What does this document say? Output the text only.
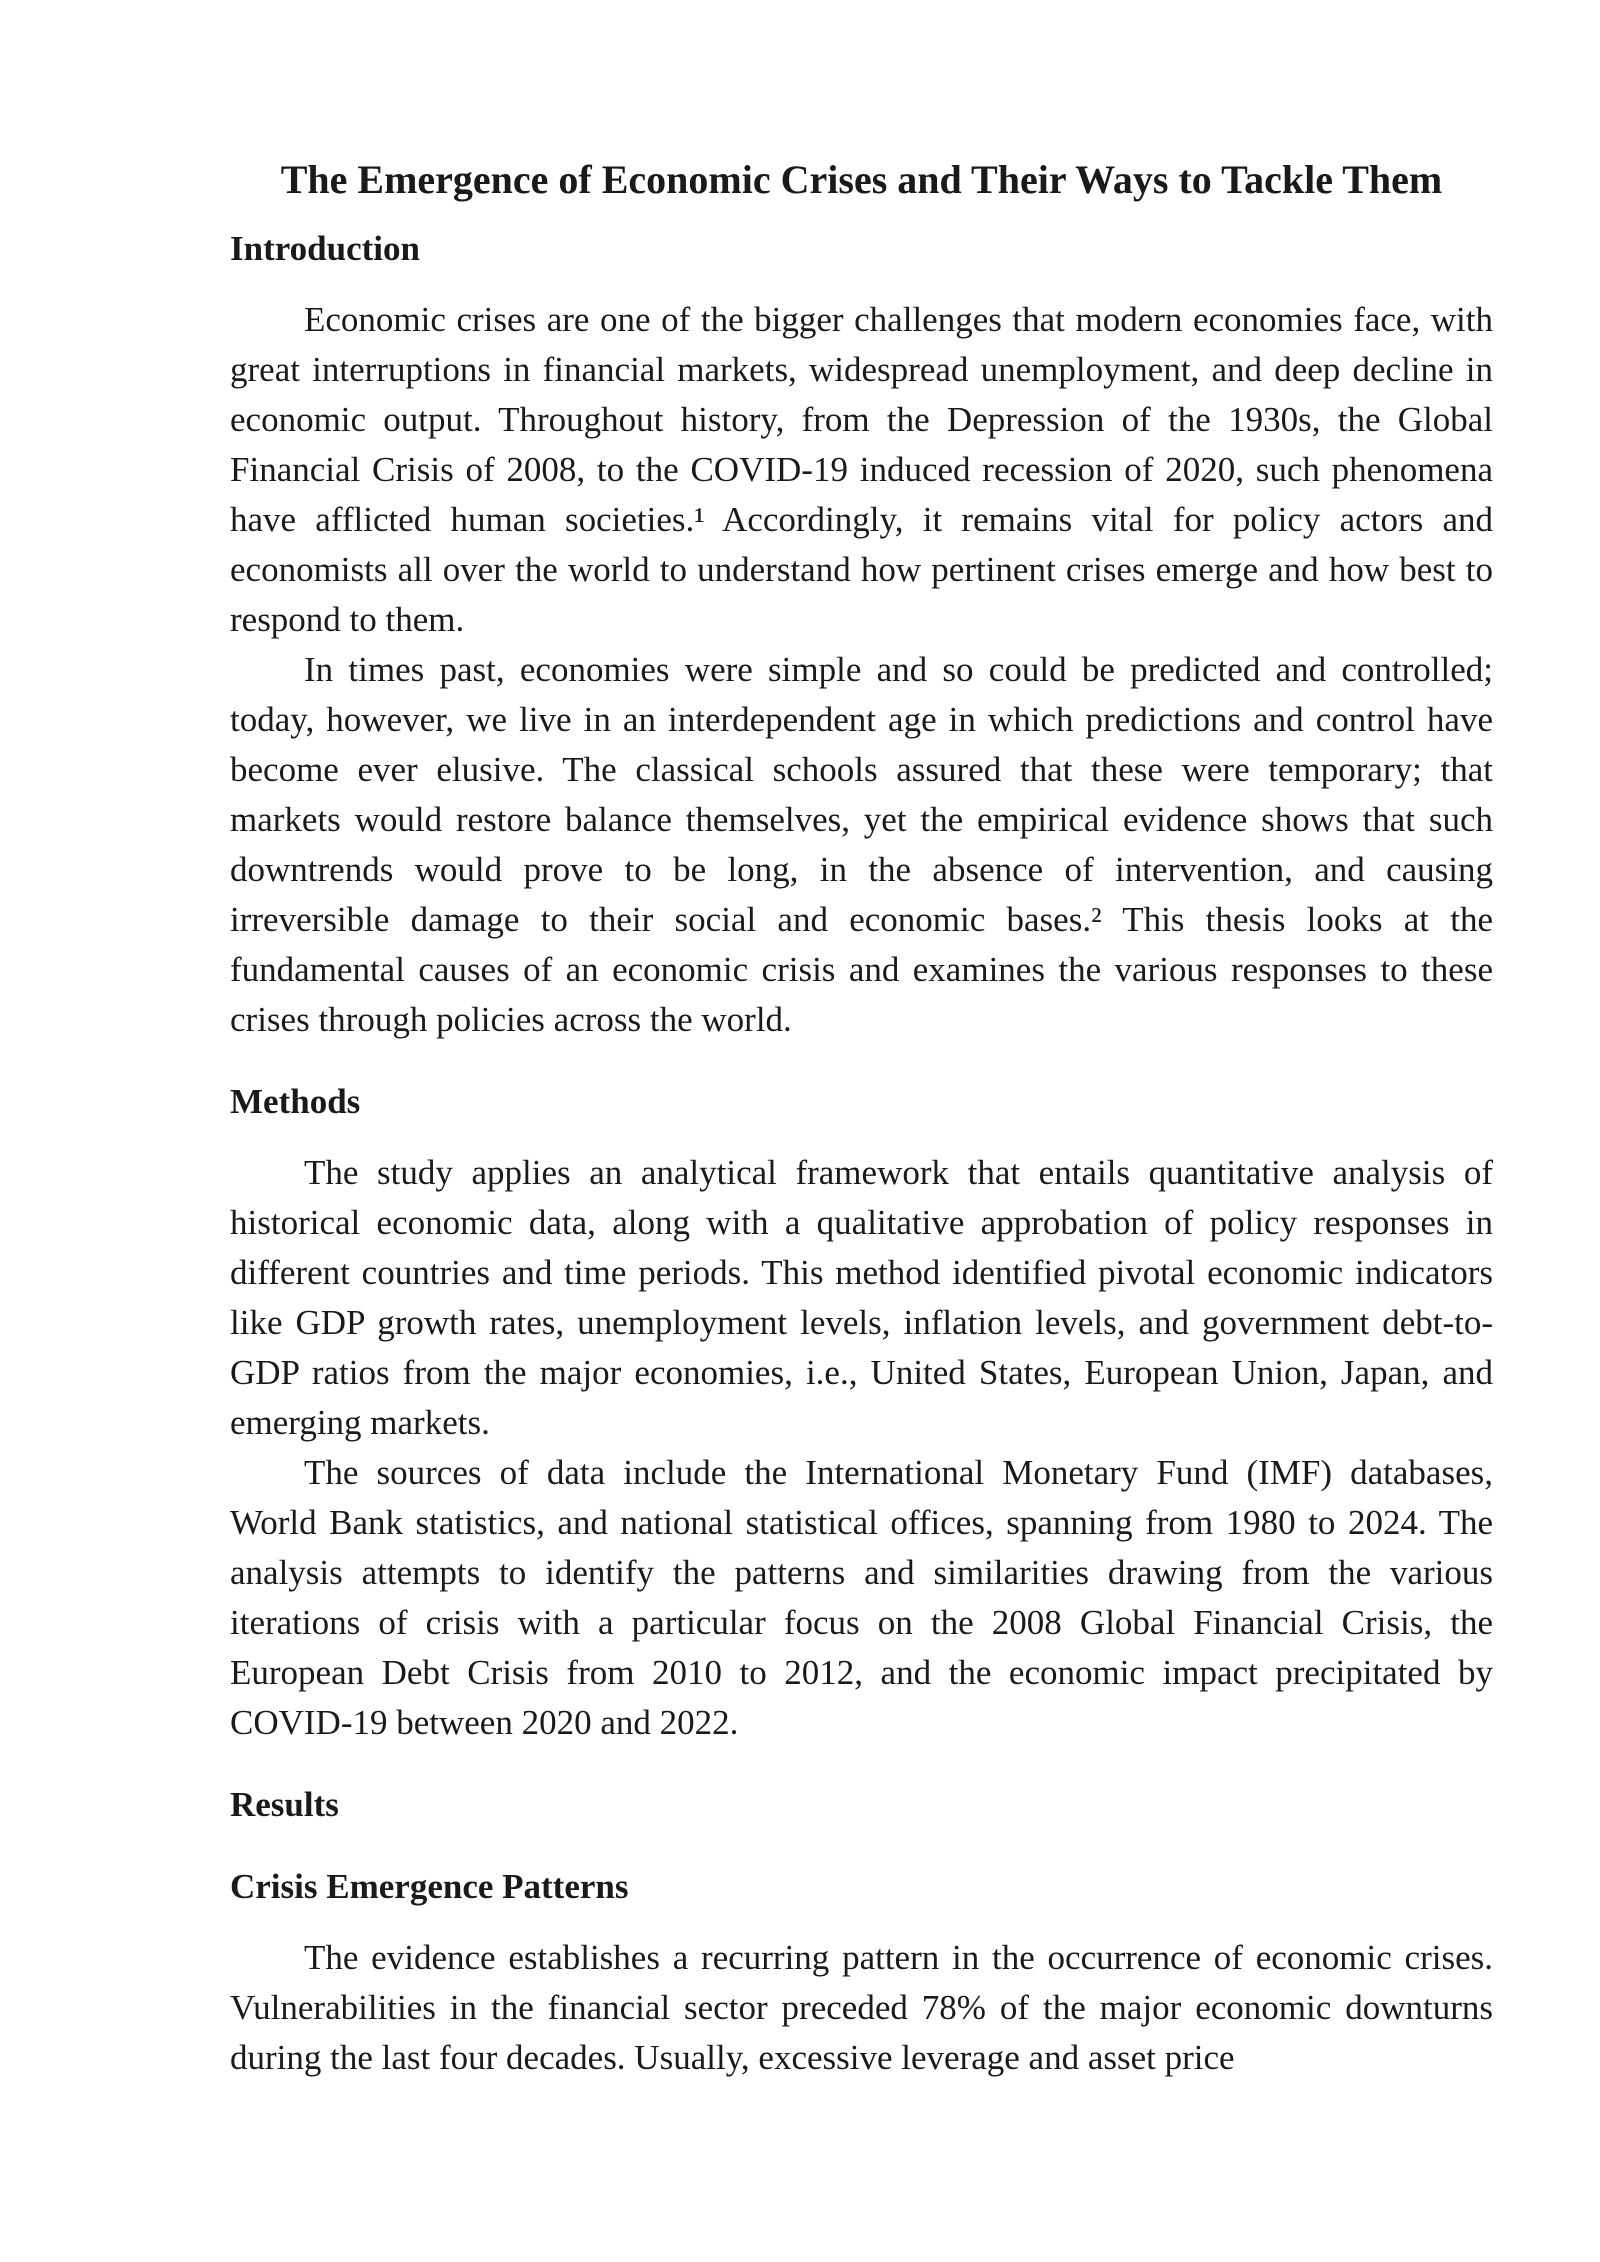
The Emergence of Economic Crises and Their Ways to Tackle Them
Introduction

Economic crises are one of the bigger challenges that modern economies face, with great interruptions in financial markets, widespread unemployment, and deep decline in economic output. Throughout history, from the Depression of the 1930s, the Global Financial Crisis of 2008, to the COVID-19 induced recession of 2020, such phenomena have afflicted human societies.¹ Accordingly, it remains vital for policy actors and economists all over the world to understand how pertinent crises emerge and how best to respond to them.

In times past, economies were simple and so could be predicted and controlled; today, however, we live in an interdependent age in which predictions and control have become ever elusive. The classical schools assured that these were temporary; that markets would restore balance themselves, yet the empirical evidence shows that such downtrends would prove to be long, in the absence of intervention, and causing irreversible damage to their social and economic bases.² This thesis looks at the fundamental causes of an economic crisis and examines the various responses to these crises through policies across the world.

Methods

The study applies an analytical framework that entails quantitative analysis of historical economic data, along with a qualitative approbation of policy responses in different countries and time periods. This method identified pivotal economic indicators like GDP growth rates, unemployment levels, inflation levels, and government debt-to-GDP ratios from the major economies, i.e., United States, European Union, Japan, and emerging markets.

The sources of data include the International Monetary Fund (IMF) databases, World Bank statistics, and national statistical offices, spanning from 1980 to 2024. The analysis attempts to identify the patterns and similarities drawing from the various iterations of crisis with a particular focus on the 2008 Global Financial Crisis, the European Debt Crisis from 2010 to 2012, and the economic impact precipitated by COVID-19 between 2020 and 2022.

Results
Crisis Emergence Patterns

The evidence establishes a recurring pattern in the occurrence of economic crises. Vulnerabilities in the financial sector preceded 78% of the major economic downturns during the last four decades. Usually, excessive leverage and asset price
